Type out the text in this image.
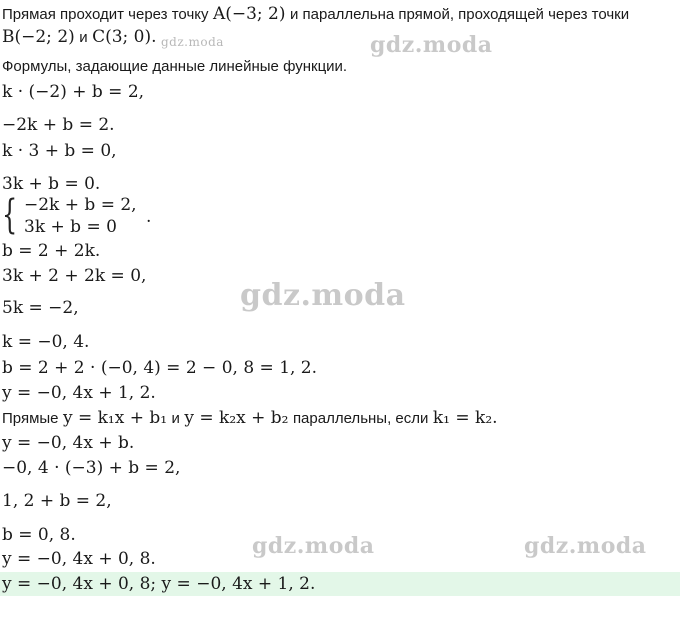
Прямая проходит через точку A(−3; 2) и параллельна прямой, проходящей через точки
B(−2; 2) и C(3; 0). $_{gdz.moda}$
Формулы, задающие данные линейные функции.
k · (−2) + b = 2,
−2k + b = 2.
k · 3 + b = 0,
3k + b = 0.
{ −2k + b = 2,
3k + b = 0 .
b = 2 + 2k.
3k + 2 + 2k = 0,
5k = −2,
k = −0, 4.
b = 2 + 2 · (−0, 4) = 2 − 0, 8 = 1, 2.
y = −0, 4x + 1, 2.
Прямые y = k₁x + b₁ и y = k₂x + b₂ параллельны, если k₁ = k₂.
y = −0, 4x + b.
−0, 4 · (−3) + b = 2,
1, 2 + b = 2,
b = 0, 8.
y = −0, 4x + 0, 8.
y = −0, 4x + 0, 8; y = −0, 4x + 1, 2.
gdz.moda
gdz.moda
gdz.moda	gdz.moda
